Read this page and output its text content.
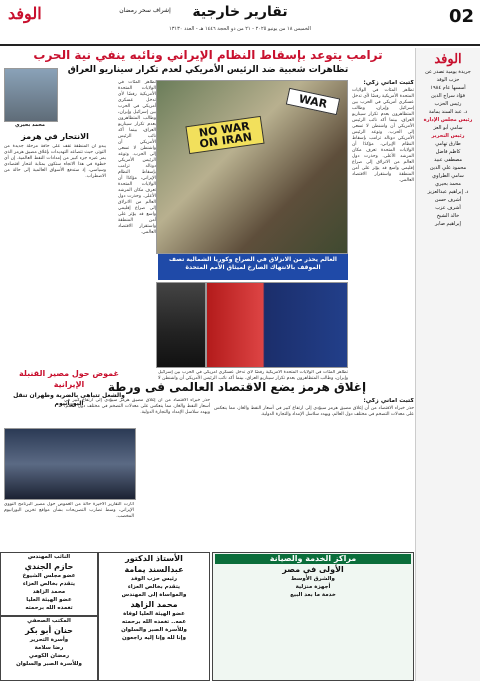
02
تقارير خارجية
إشراف سحر رمضان
الوفد
الخميس ١٨ من يونيو ٢٠٢٥ - ٢١ من ذو الحجة ١٤٤٦ هـ - العدد ١٣١٣٠
الوفد
جريدة يومية تصدر عن
حزب الوفد
أسسها عام ١٩٨٤
فؤاد سراج الدين
رئيس الحزب
د. عبد السند يمامة
رئيس مجلس الإدارة
سامي أبو العز
رئيس التحرير
طارق تهامي
كاظم فاضل
مصطفى عبيد
محمود علي الدين
سامي الطراوي
محمد بحيري
د. إبراهيم عبدالعزيز
أشرف حسن
أشرف عزب
خالد الشيخ
إبراهيم صابر
ترامب يتوعد بإسقاط النظام الإيراني ونائبه ينفي نية الحرب
تظاهرات شعبية ضد الرئيس الأمريكي لعدم تكرار سيناريو العراق
كتبت أماني زكي:
تظاهر المئات في الولايات المتحدة الأمريكية رفضًا لأي تدخل عسكري أمريكي في الحرب بين إسرائيل وإيران، وطالب المتظاهرون بعدم تكرار سيناريو العراق، بينما أكد نائب الرئيس الأمريكي أن واشنطن لا تسعى إلى الحرب. وتوعد الرئيس الأمريكي دونالد ترامب بإسقاط النظام الإيراني، مؤكدًا أن الولايات المتحدة تعرف مكان المرشد الأعلى. وحذرت دول العالم من الانزلاق إلى صراع إقليمي واسع قد يؤثر على أمن المنطقة واستقرار الاقتصاد العالمي.
NO WAR ON IRAN
WAR
العالم يحذر من الانزلاق في الصراع وكوريا الشمالية تصف الموقف بالانتهاك الصارخ لميثاق الأمم المتحدة
تظاهر المئات في الولايات المتحدة الأمريكية رفضًا لأي تدخل عسكري أمريكي في الحرب بين إسرائيل وإيران، وطالب المتظاهرون بعدم تكرار سيناريو العراق، بينما أكد نائب الرئيس الأمريكي أن واشنطن لا تسعى إلى الحرب. وتوعد الرئيس الأمريكي دونالد ترامب بإسقاط النظام الإيراني، مؤكدًا أن الولايات المتحدة تعرف مكان المرشد الأعلى. وحذرت دول العالم من الانزلاق إلى صراع إقليمي واسع قد يؤثر على أمن المنطقة واستقرار الاقتصاد العالمي.
محمد بحيري
الانتحار في هرمز
يبدو أن المنطقة تقف على حافة مرحلة جديدة من التوتر، حيث تتصاعد التهديدات بإغلاق مضيق هرمز الذي يمر عبره جزء كبير من إمدادات النفط العالمية. إن أي خطوة في هذا الاتجاه ستكون بمثابة انتحار اقتصادي وسياسي، إذ ستدفع الأسواق العالمية إلى حالة من الاضطراب.
تظاهر المئات في الولايات المتحدة الأمريكية رفضًا لأي تدخل عسكري أمريكي في الحرب بين إسرائيل وإيران، وطالب المتظاهرون بعدم تكرار سيناريو العراق، بينما أكد نائب الرئيس الأمريكي أن واشنطن لا
إغلاق هرمز يضع الاقتصاد العالمى فى ورطة
كتبت أماني زكي:
حذر خبراء الاقتصاد من أن إغلاق مضيق هرمز سيؤدي إلى ارتفاع كبير في أسعار النفط والغاز، مما ينعكس على معدلات التضخم في مختلف دول العالم، ويهدد سلاسل الإمداد والتجارة الدولية.
حذر خبراء الاقتصاد من أن إغلاق مضيق هرمز سيؤدي إلى ارتفاع كبير في أسعار النفط والغاز، مما ينعكس على معدلات التضخم في مختلف دول العالم، ويهدد سلاسل الإمداد والتجارة الدولية.
غموض حول مصير القنبلة الإيرانية
والشعل تتباهى بالضربة وطهران تنقل اليورانيوم
أثارت التقارير الأخيرة حالة من الغموض حول مصير البرنامج النووي الإيراني، وسط تضارب التصريحات بشأن مواقع تخزين اليورانيوم المخصب.
الأستاذ الدكتور
عبدالسند يمامة
رئيس حزب الوفد
يتقدم بخالص العزاء
والمواساة إلى المهندس
محمد الزاهد
عضو الهيئة العليا لوفاة
عمه.. تغمده الله برحمته
وللأسرة الصبر والسلوان
وإنا لله وإنا إليه راجعون
النائب المهندس
حازم الجندي
عضو مجلس الشيوخ
يتقدم بخالص العزاء
محمد الزاهد
عضو الهيئة العليا
تغمده الله برحمته
المكتب الصحفي
حنان أبو بكر
وأسرة التحرير
رضا سلامة
رمضان الكومي
وللأسرة الصبر والسلوان
مراكز الخدمة والصيانة
الأولى في مصر
والشرق الأوسط
أجهزة منزلية
خدمة ما بعد البيع
